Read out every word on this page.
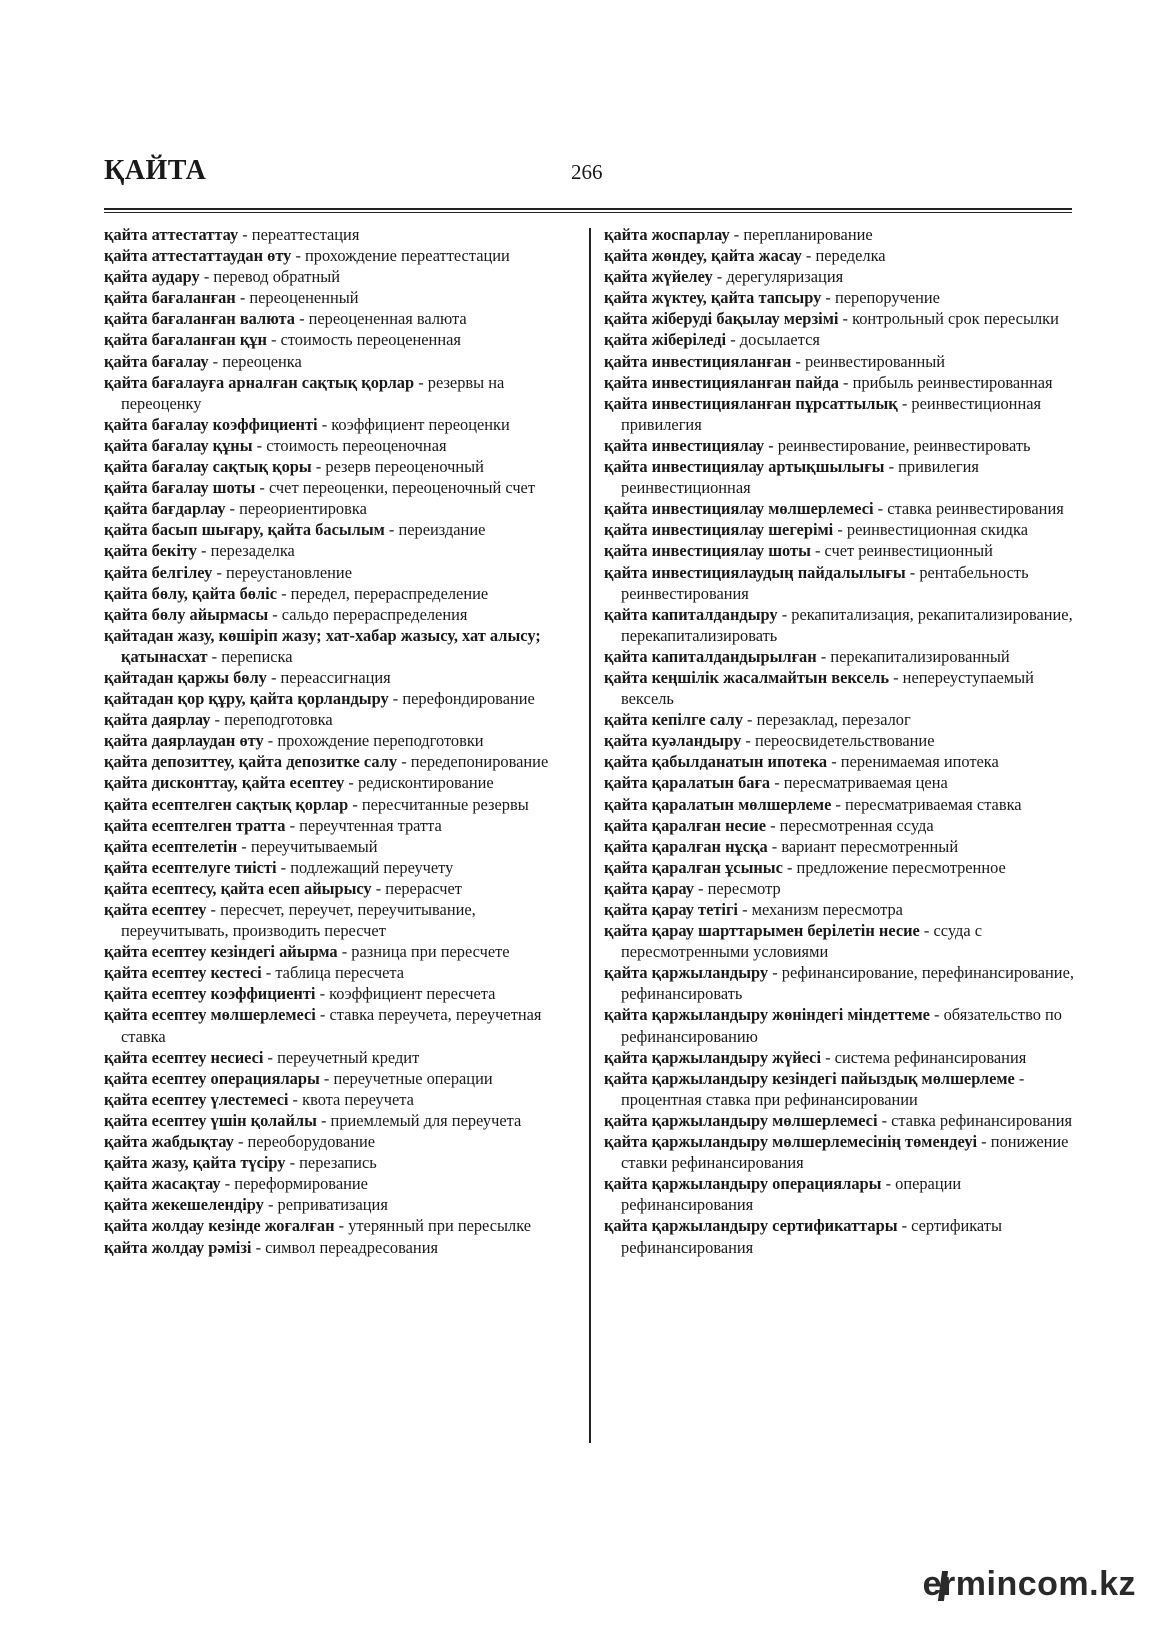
ҚАЙТА	266

қайта аттестаттау - переаттестация

қайта аттестаттаудан өту - прохождение переаттестации

қайта аудару - перевод обратный

қайта бағаланған - переоцененный

қайта бағаланған валюта - переоцененная валюта

қайта бағаланған құн - стоимость переоцененная

қайта бағалау - переоценка

қайта бағалауға арналған сақтық қорлар - резервы на переоценку

қайта бағалау коэффициенті - коэффициент переоценки

қайта бағалау құны - стоимость переоценочная

қайта бағалау сақтық қоры - резерв переоценочный

қайта бағалау шоты - счет переоценки, переоценочный счет

қайта бағдарлау - переориентировка

қайта басып шығару, қайта басылым - переиздание

қайта бекіту - перезаделка

қайта белгілеу - переустановление

қайта бөлу, қайта бөліс - передел, перераспределение

қайта бөлу айырмасы - сальдо перераспределения

қайтадан жазу, көшіріп жазу; хат-хабар жазысу, хат алысу; қатынасхат - переписка

қайтадан қаржы бөлу - переассигнация

қайтадан қор құру, қайта қорландыру - перефондирование

қайта даярлау - переподготовка

қайта даярлаудан өту - прохождение переподготовки

қайта депозиттеу, қайта депозитке салу - передепонирование

қайта дисконттау, қайта есептеу - редисконтирование

қайта есептелген сақтық қорлар - пересчитанные резервы

қайта есептелген тратта - переучтенная тратта

қайта есептелетін - переучитываемый

қайта есептелуге тиісті - подлежащий переучету

қайта есептесу, қайта есеп айырысу - перерасчет

қайта есептеу - пересчет, переучет, переучитывание, переучитывать, производить пересчет

қайта есептеу кезіндегі айырма - разница при пересчете

қайта есептеу кестесі - таблица пересчета

қайта есептеу коэффициенті - коэффициент пересчета

қайта есептеу мөлшерлемесі - ставка переучета, переучетная ставка

қайта есептеу несиесі - переучетный кредит

қайта есептеу операциялары - переучетные операции

қайта есептеу үлестемесі - квота переучета

қайта есептеу үшін қолайлы - приемлемый для переучета

қайта жабдықтау - переоборудование

қайта жазу, қайта түсіру - перезапись

қайта жасақтау - переформирование

қайта жекешелендіру - реприватизация

қайта жолдау кезінде жоғалған - утерянный при пересылке

қайта жолдау рәмізі - символ переадресования

қайта жоспарлау - перепланирование

қайта жөндеу, қайта жасау - переделка

қайта жүйелеу - дерегуляризация

қайта жүктеу, қайта тапсыру - перепоручение

қайта жіберуді бақылау мерзімі - контрольный срок пересылки

қайта жіберіледі - досылается

қайта инвестицияланған - реинвестированный

қайта инвестицияланған пайда - прибыль реинвестированная

қайта инвестицияланған пұрсаттылық - реинвестиционная привилегия

қайта инвестициялау - реинвестирование, реинвестировать

қайта инвестициялау артықшылығы - привилегия реинвестиционная

қайта инвестициялау мөлшерлемесі - ставка реинвестирования

қайта инвестициялау шегерімі - реинвестиционная скидка

қайта инвестициялау шоты - счет реинвестиционный

қайта инвестициялаудың пайдалылығы - рентабельность реинвестирования

қайта капиталдандыру - рекапитализация, рекапитализирование, перекапитализировать

қайта капиталдандырылған - перекапитализированный

қайта кеңшілік жасалмайтын вексель - непереуступаемый вексель

қайта кепілге салу - перезаклад, перезалог

қайта куәландыру - переосвидетельствование

қайта қабылданатын ипотека - перенимаемая ипотека

қайта қаралатын баға - пересматриваемая цена

қайта қаралатын мөлшерлеме - пересматриваемая ставка

қайта қаралған несие - пересмотренная ссуда

қайта қаралған нұсқа - вариант пересмотренный

қайта қаралған ұсыныс - предложение пересмотренное

қайта қарау - пересмотр

қайта қарау тетігі - механизм пересмотра

қайта қарау шарттарымен берілетін несие - ссуда с пересмотренными условиями

қайта қаржыландыру - рефинансирование, перефинансирование, рефинансировать

қайта қаржыландыру жөніндегі міндеттеме - обязательство по рефинансированию

қайта қаржыландыру жүйесі - система рефинансирования

қайта қаржыландыру кезіндегі пайыздық мөлшерлеме - процентная ставка при рефинансировании

қайта қаржыландыру мөлшерлемесі - ставка рефинансирования

қайта қаржыландыру мөлшерлемесінің төмендеуі - понижение ставки рефинансирования

қайта қаржыландыру операциялары - операции рефинансирования

қайта қаржыландыру сертификаттары - сертификаты рефинансирования

ermincom.kz
